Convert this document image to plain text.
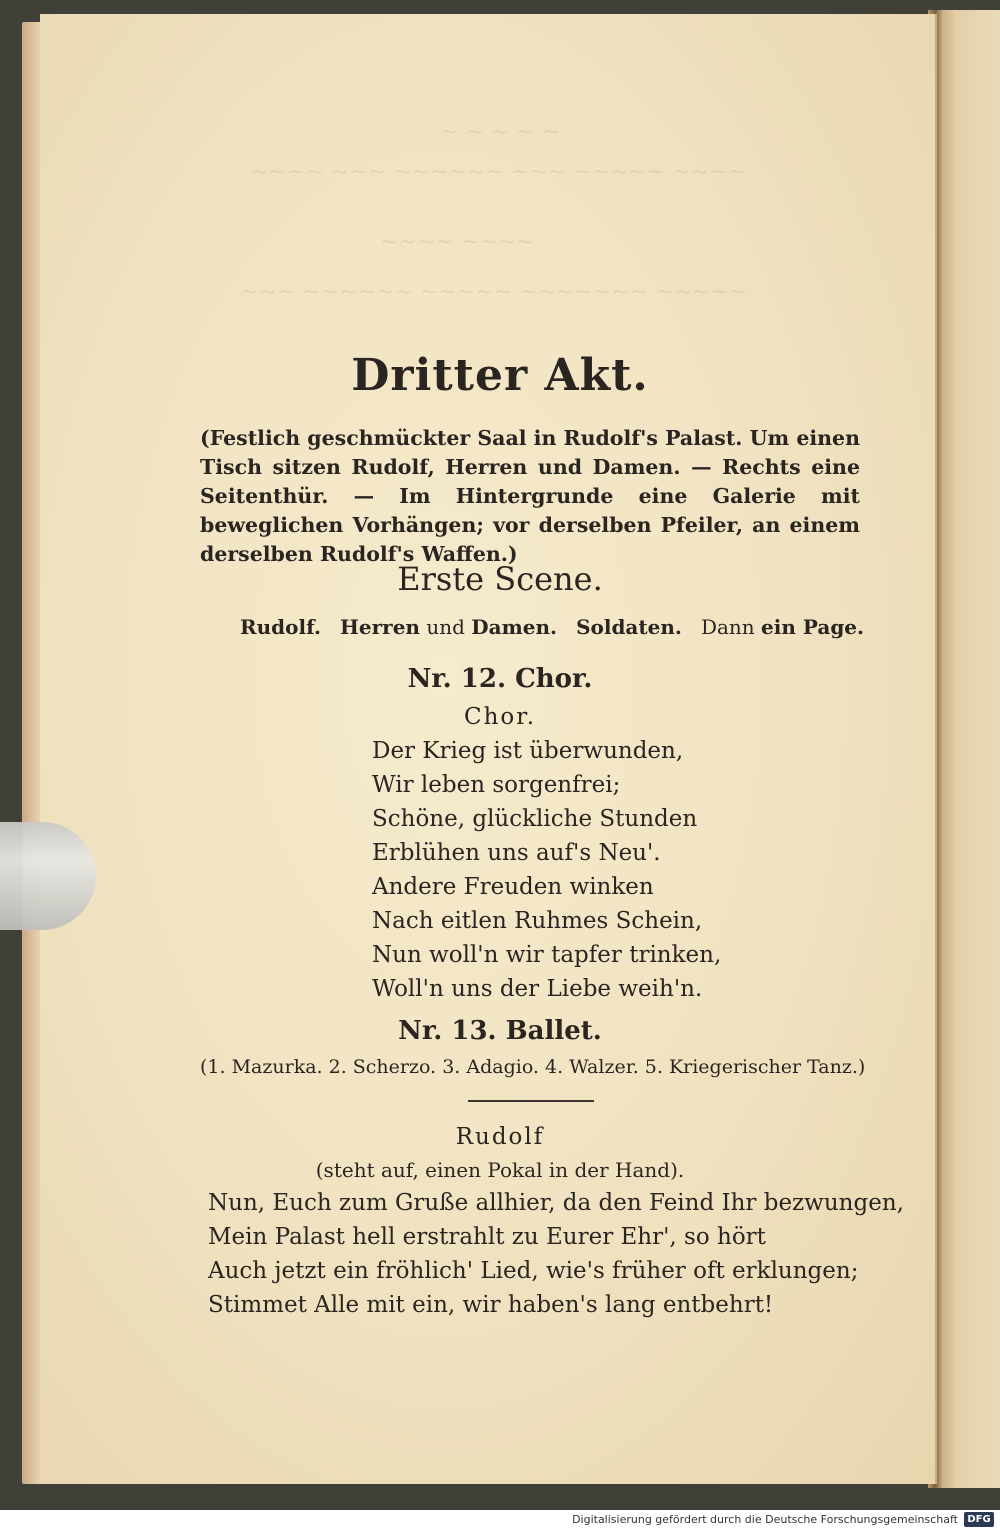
~ ~ ~ ~ ~
~~~~ ~~~ ~~~~~~ ~~~ ~~~~~ ~~~~
~~~~ ~~~~
~~~ ~~~~~~ ~~~~~ ~~~~~~~ ~~~~~
Dritter Akt.
(Festlich geschmückter Saal in Rudolf's Palast. Um einen Tisch sitzen Rudolf, Herren und Damen. — Rechts eine Seitenthür. — Im Hintergrunde eine Galerie mit beweglichen Vorhängen; vor derselben Pfeiler, an einem derselben Rudolf's Waffen.)
Erste Scene.
Rudolf. Herren und Damen. Soldaten. Dann ein Page.
Nr. 12. Chor.
Chor.
Der Krieg ist überwunden,
Wir leben sorgenfrei;
Schöne, glückliche Stunden
Erblühen uns auf's Neu'.
Andere Freuden winken
Nach eitlen Ruhmes Schein,
Nun woll'n wir tapfer trinken,
Woll'n uns der Liebe weih'n.
Nr. 13. Ballet.
(1. Mazurka. 2. Scherzo. 3. Adagio. 4. Walzer. 5. Kriegerischer Tanz.)
Rudolf
(steht auf, einen Pokal in der Hand).
Nun, Euch zum Gruße allhier, da den Feind Ihr bezwungen,
Mein Palast hell erstrahlt zu Eurer Ehr', so hört
Auch jetzt ein fröhlich' Lied, wie's früher oft erklungen;
Stimmet Alle mit ein, wir haben's lang entbehrt!
Digitalisierung gefördert durch die Deutsche Forschungsgemeinschaft DFG
